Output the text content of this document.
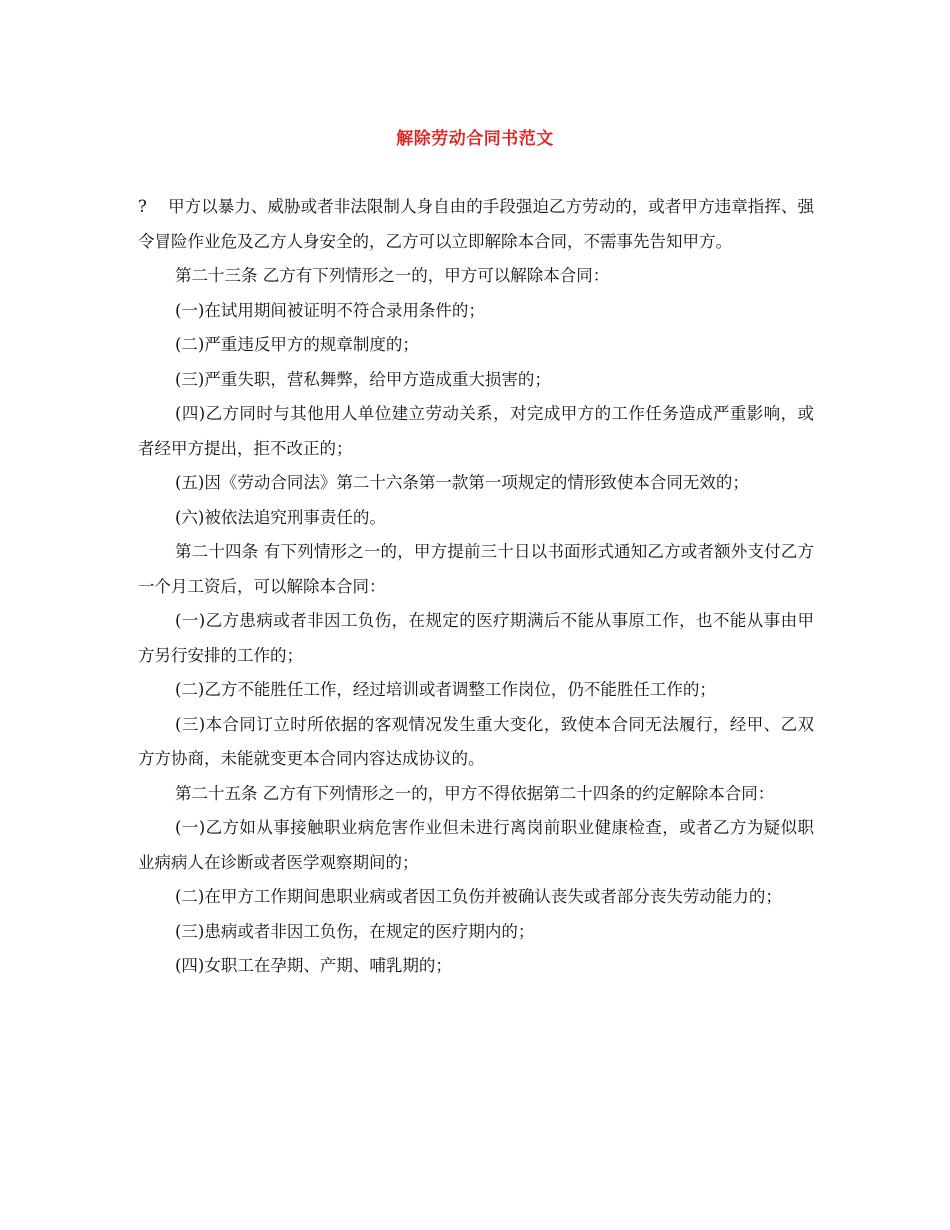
解除劳动合同书范文

? 甲方以暴力、威胁或者非法限制人身自由的手段强迫乙方劳动的，或者甲方违章指挥、强令冒险作业危及乙方人身安全的，乙方可以立即解除本合同，不需事先告知甲方。

第二十三条 乙方有下列情形之一的，甲方可以解除本合同：

(一)在试用期间被证明不符合录用条件的；

(二)严重违反甲方的规章制度的；

(三)严重失职，营私舞弊，给甲方造成重大损害的；

(四)乙方同时与其他用人单位建立劳动关系，对完成甲方的工作任务造成严重影响，或者经甲方提出，拒不改正的；

(五)因《劳动合同法》第二十六条第一款第一项规定的情形致使本合同无效的；

(六)被依法追究刑事责任的。

第二十四条 有下列情形之一的，甲方提前三十日以书面形式通知乙方或者额外支付乙方一个月工资后，可以解除本合同：

(一)乙方患病或者非因工负伤，在规定的医疗期满后不能从事原工作，也不能从事由甲方另行安排的工作的；

(二)乙方不能胜任工作，经过培训或者调整工作岗位，仍不能胜任工作的；

(三)本合同订立时所依据的客观情况发生重大变化，致使本合同无法履行，经甲、乙双方方协商，未能就变更本合同内容达成协议的。

第二十五条 乙方有下列情形之一的，甲方不得依据第二十四条的约定解除本合同：

(一)乙方如从事接触职业病危害作业但未进行离岗前职业健康检查，或者乙方为疑似职业病病人在诊断或者医学观察期间的；

(二)在甲方工作期间患职业病或者因工负伤并被确认丧失或者部分丧失劳动能力的；

(三)患病或者非因工负伤，在规定的医疗期内的；

(四)女职工在孕期、产期、哺乳期的；
